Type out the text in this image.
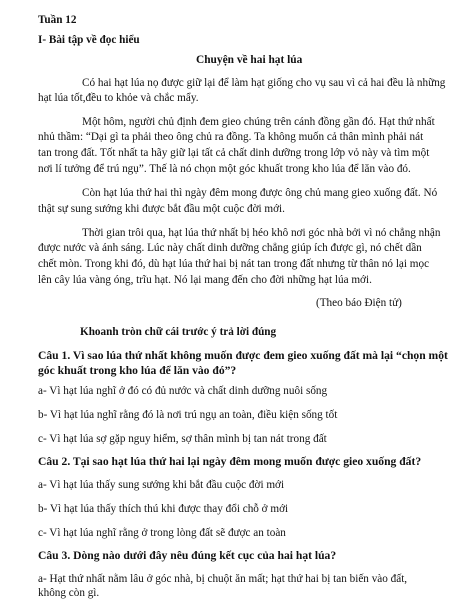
Tuần 12
I- Bài tập về đọc hiểu
Chuyện về hai hạt lúa
Có hai hạt lúa nọ được giữ lại để làm hạt giống cho vụ sau vì cả hai đều là những
hạt lúa tốt,đều to khỏe và chắc mẩy.
Một hôm, người chủ định đem gieo chúng trên cánh đồng gần đó. Hạt thứ nhất
nhủ thầm: “Dại gì ta phải theo ông chủ ra đồng. Ta không muốn cả thân mình phải nát
tan trong đất. Tốt nhất ta hãy giữ lại tất cả chất dinh dưỡng trong lớp vỏ này và tìm một
nơi lí tưởng để trú ngụ”. Thế là nó chọn một góc khuất trong kho lúa để lăn vào đó.
Còn hạt lúa thứ hai thì ngày đêm mong được ông chủ mang gieo xuống đất. Nó
thật sự sung sướng khi được bắt đầu một cuộc đời mới.
Thời gian trôi qua, hạt lúa thứ nhất bị héo khô nơi góc nhà bởi vì nó chẳng nhận
được nước và ánh sáng. Lúc này chất dinh dưỡng chẳng giúp ích được gì, nó chết dần
chết mòn. Trong khi đó, dù hạt lúa thứ hai bị nát tan trong đất nhưng từ thân nó lại mọc
lên cây lúa vàng óng, trĩu hạt. Nó lại mang đến cho đời những hạt lúa mới.
(Theo báo Điện tử)
Khoanh tròn chữ cái trước ý trả lời đúng
Câu 1. Vì sao lúa thứ nhất không muốn được đem gieo xuống đất mà lại “chọn một
góc khuất trong kho lúa để lăn vào đó”?
a- Vì hạt lúa nghĩ ở đó có đủ nước và chất dinh dưỡng nuôi sống
b- Vì hạt lúa nghĩ rằng đó là nơi trú ngụ an toàn, điều kiện sống tốt
c- Vì hạt lúa sợ gặp nguy hiểm, sợ thân mình bị tan nát trong đất
Câu 2. Tại sao hạt lúa thứ hai lại ngày đêm mong muốn được gieo xuống đất?
a- Vì hạt lúa thấy sung sướng khi bắt đầu cuộc đời mới
b- Vì hạt lúa thấy thích thú khi được thay đổi chỗ ở mới
c- Vì hạt lúa nghĩ rằng ở trong lòng đất sẽ được an toàn
Câu 3. Dòng nào dưới đây nêu đúng kết cục của hai hạt lúa?
a- Hạt thứ nhất nằm lâu ở góc nhà, bị chuột ăn mất; hạt thứ hai bị tan biến vào đất,
không còn gì.
